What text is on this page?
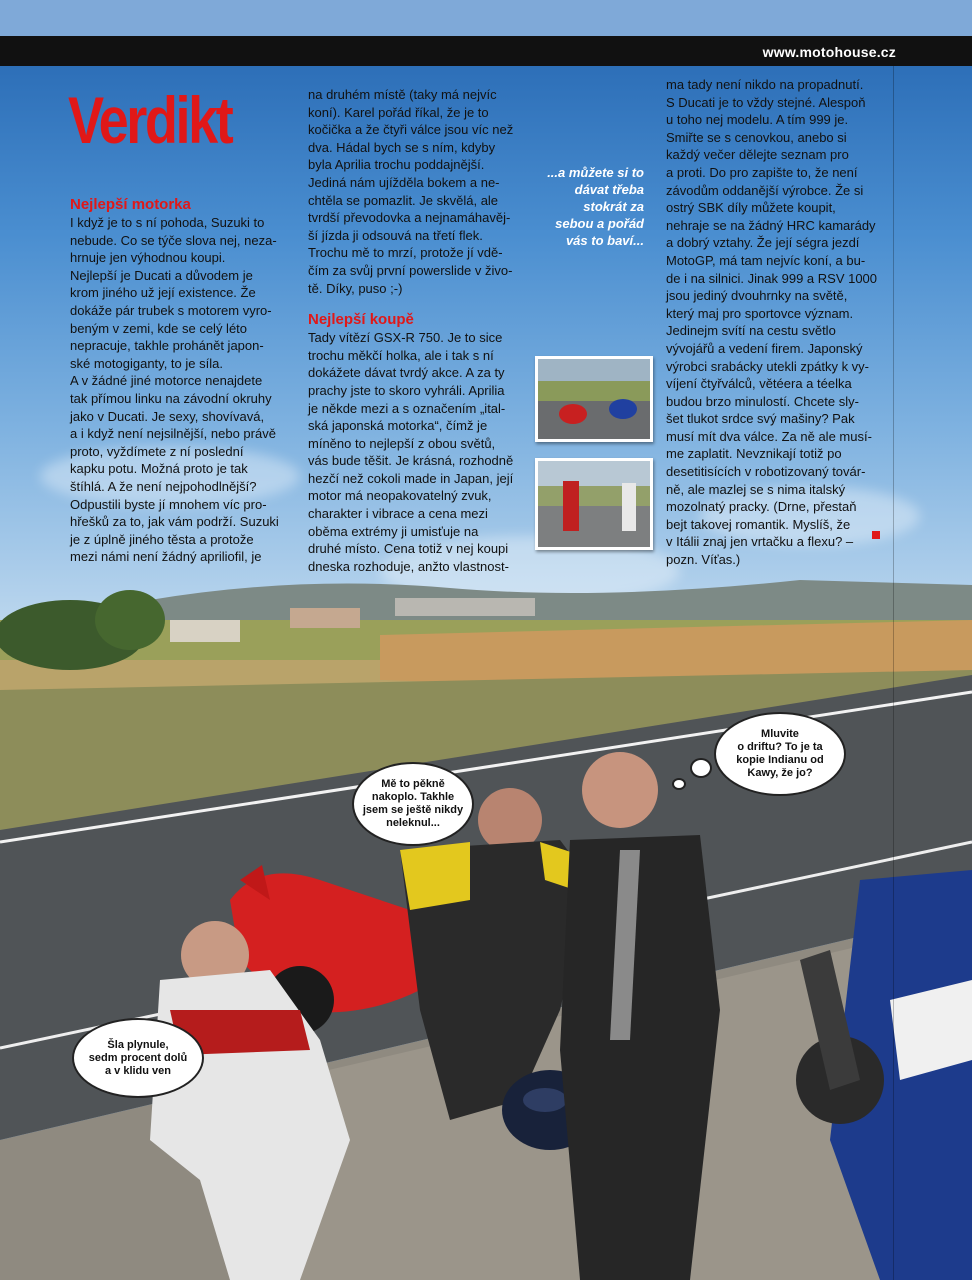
www.motohouse.cz
Verdikt
Nejlepší motorka
I když je to s ní pohoda, Suzuki to
nebude. Co se týče slova nej, neza-
hrnuje jen výhodnou koupi.
Nejlepší je Ducati a důvodem je
krom jiného už její existence. Že
dokáže pár trubek s motorem vyro-
beným v zemi, kde se celý léto
nepracuje, takhle prohánět japon-
ské motogiganty, to je síla.
A v žádné jiné motorce nenajdete
tak přímou linku na závodní okruhy
jako v Ducati. Je sexy, shovívavá,
a i když není nejsilnější, nebo právě
proto, vyždímete z ní poslední
kapku potu. Možná proto je tak
štíhlá. A že není nejpohodlnější?
Odpustili byste jí mnohem víc pro-
hřešků za to, jak vám podrží. Suzuki
je z úplně jiného těsta a protože
mezi námi není žádný apriliofil, je
na druhém místě (taky má nejvíc
koní). Karel pořád říkal, že je to
kočička a že čtyři válce jsou víc než
dva. Hádal bych se s ním, kdyby
byla Aprilia trochu poddajnější.
Jediná nám ujížděla bokem a ne-
chtěla se pomazlit. Je skvělá, ale
tvrdší převodovka a nejnamáhavěj-
ší jízda ji odsouvá na třetí flek.
Trochu mě to mrzí, protože jí vdě-
čím za svůj první powerslide v živo-
tě. Díky, puso ;-)
Nejlepší koupě
Tady vítězí GSX-R 750. Je to sice
trochu měkčí holka, ale i tak s ní
dokážete dávat tvrdý akce. A za ty
prachy jste to skoro vyhráli. Aprilia
je někde mezi a s označením „ital-
ská japonská motorka“, čímž je
míněno to nejlepší z obou světů,
vás bude těšit. Je krásná, rozhodně
hezčí než cokoli made in Japan, její
motor má neopakovatelný zvuk,
charakter i vibrace a cena mezi
oběma extrémy ji umisťuje na
druhé místo. Cena totiž v nej koupi
dneska rozhoduje, anžto vlastnost-
...a můžete si to
dávat třeba
stokrát za
sebou a pořád
vás to baví...
ma tady není nikdo na propadnutí.
S Ducati je to vždy stejné. Alespoň
u toho nej modelu. A tím 999 je.
Smiřte se s cenovkou, anebo si
každý večer dělejte seznam pro
a proti. Do pro zapište to, že není
závodům oddanější výrobce. Že si
ostrý SBK díly můžete koupit,
nehraje se na žádný HRC kamarády
a dobrý vztahy. Že její ségra jezdí
MotoGP, má tam nejvíc koní, a bu-
de i na silnici. Jinak 999 a RSV 1000
jsou jediný dvouhrnky na světě,
který maj pro sportovce význam.
Jedinejm svítí na cestu světlo
vývojářů a vedení firem. Japonský
výrobci srabácky utekli zpátky k vy-
víjení čtyřválců, větéera a téelka
budou brzo minulostí. Chcete sly-
šet tlukot srdce svý mašiny? Pak
musí mít dva válce. Za ně ale musí-
me zaplatit. Nevznikají totiž po
desetitisících v robotizovaný továr-
ně, ale mazlej se s nima italský
mozolnatý pracky. (Drne, přestaň
bejt takovej romantik. Myslíš, že
v Itálii znaj jen vrtačku a flexu? –
pozn. Víťas.)
Šla plynule,
sedm procent dolů
a v klidu ven
Mě to pěkně
nakoplo. Takhle
jsem se ještě nikdy
neleknul...
Mluvite
o driftu? To je ta
kopie Indianu od
Kawy, že jo?
